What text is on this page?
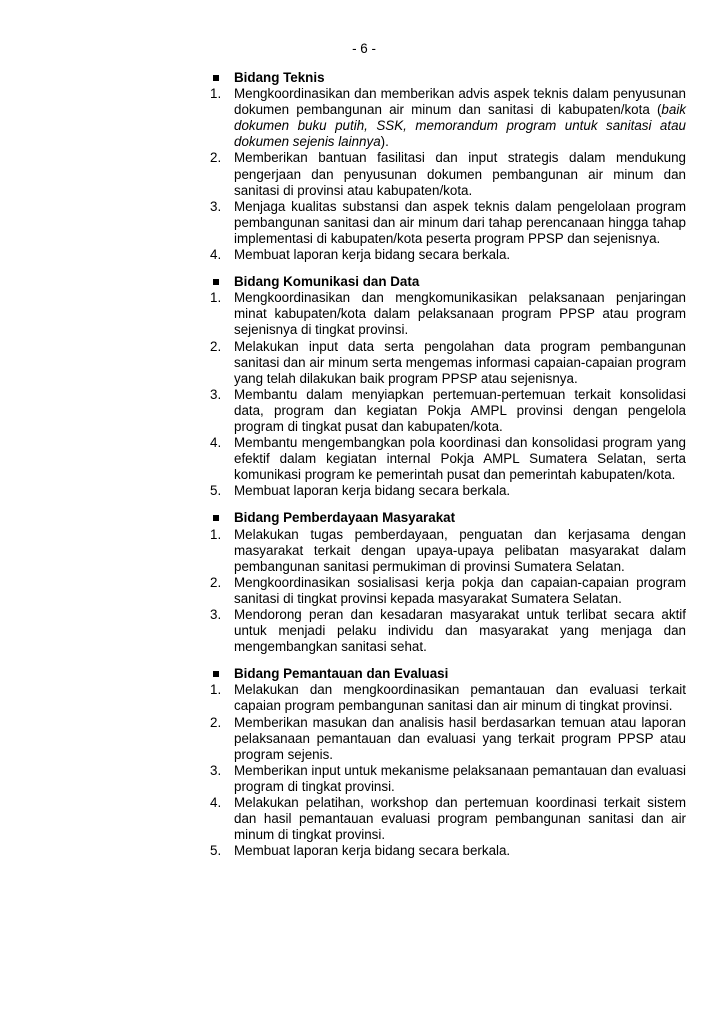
- 6 -
Bidang Teknis
1. Mengkoordinasikan dan memberikan advis aspek teknis dalam penyusunan dokumen pembangunan air minum dan sanitasi di kabupaten/kota (baik dokumen buku putih, SSK, memorandum program untuk sanitasi atau dokumen sejenis lainnya).
2. Memberikan bantuan fasilitasi dan input strategis dalam mendukung pengerjaan dan penyusunan dokumen pembangunan air minum dan sanitasi di provinsi atau kabupaten/kota.
3. Menjaga kualitas substansi dan aspek teknis dalam pengelolaan program pembangunan sanitasi dan air minum dari tahap perencanaan hingga tahap implementasi di kabupaten/kota peserta program PPSP dan sejenisnya.
4. Membuat laporan kerja bidang secara berkala.
Bidang Komunikasi dan Data
1. Mengkoordinasikan dan mengkomunikasikan pelaksanaan penjaringan minat kabupaten/kota dalam pelaksanaan program PPSP atau program sejenisnya di tingkat provinsi.
2. Melakukan input data serta pengolahan data program pembangunan sanitasi dan air minum serta mengemas informasi capaian-capaian program yang telah dilakukan baik program PPSP atau sejenisnya.
3. Membantu dalam menyiapkan pertemuan-pertemuan terkait konsolidasi data, program dan kegiatan Pokja AMPL provinsi dengan pengelola program di tingkat pusat dan kabupaten/kota.
4. Membantu mengembangkan pola koordinasi dan konsolidasi program yang efektif dalam kegiatan internal Pokja AMPL Sumatera Selatan, serta komunikasi program ke pemerintah pusat dan pemerintah kabupaten/kota.
5. Membuat laporan kerja bidang secara berkala.
Bidang Pemberdayaan Masyarakat
1. Melakukan tugas pemberdayaan, penguatan dan kerjasama dengan masyarakat terkait dengan upaya-upaya pelibatan masyarakat dalam pembangunan sanitasi permukiman di provinsi Sumatera Selatan.
2. Mengkoordinasikan sosialisasi kerja pokja dan capaian-capaian program sanitasi di tingkat provinsi kepada masyarakat Sumatera Selatan.
3. Mendorong peran dan kesadaran masyarakat untuk terlibat secara aktif untuk menjadi pelaku individu dan masyarakat yang menjaga dan mengembangkan sanitasi sehat.
Bidang Pemantauan dan Evaluasi
1. Melakukan dan mengkoordinasikan pemantauan dan evaluasi terkait capaian program pembangunan sanitasi dan air minum di tingkat provinsi.
2. Memberikan masukan dan analisis hasil berdasarkan temuan atau laporan pelaksanaan pemantauan dan evaluasi yang terkait program PPSP atau program sejenis.
3. Memberikan input untuk mekanisme pelaksanaan pemantauan dan evaluasi program di tingkat provinsi.
4. Melakukan pelatihan, workshop dan pertemuan koordinasi terkait sistem dan hasil pemantauan evaluasi program pembangunan sanitasi dan air minum di tingkat provinsi.
5. Membuat laporan kerja bidang secara berkala.
